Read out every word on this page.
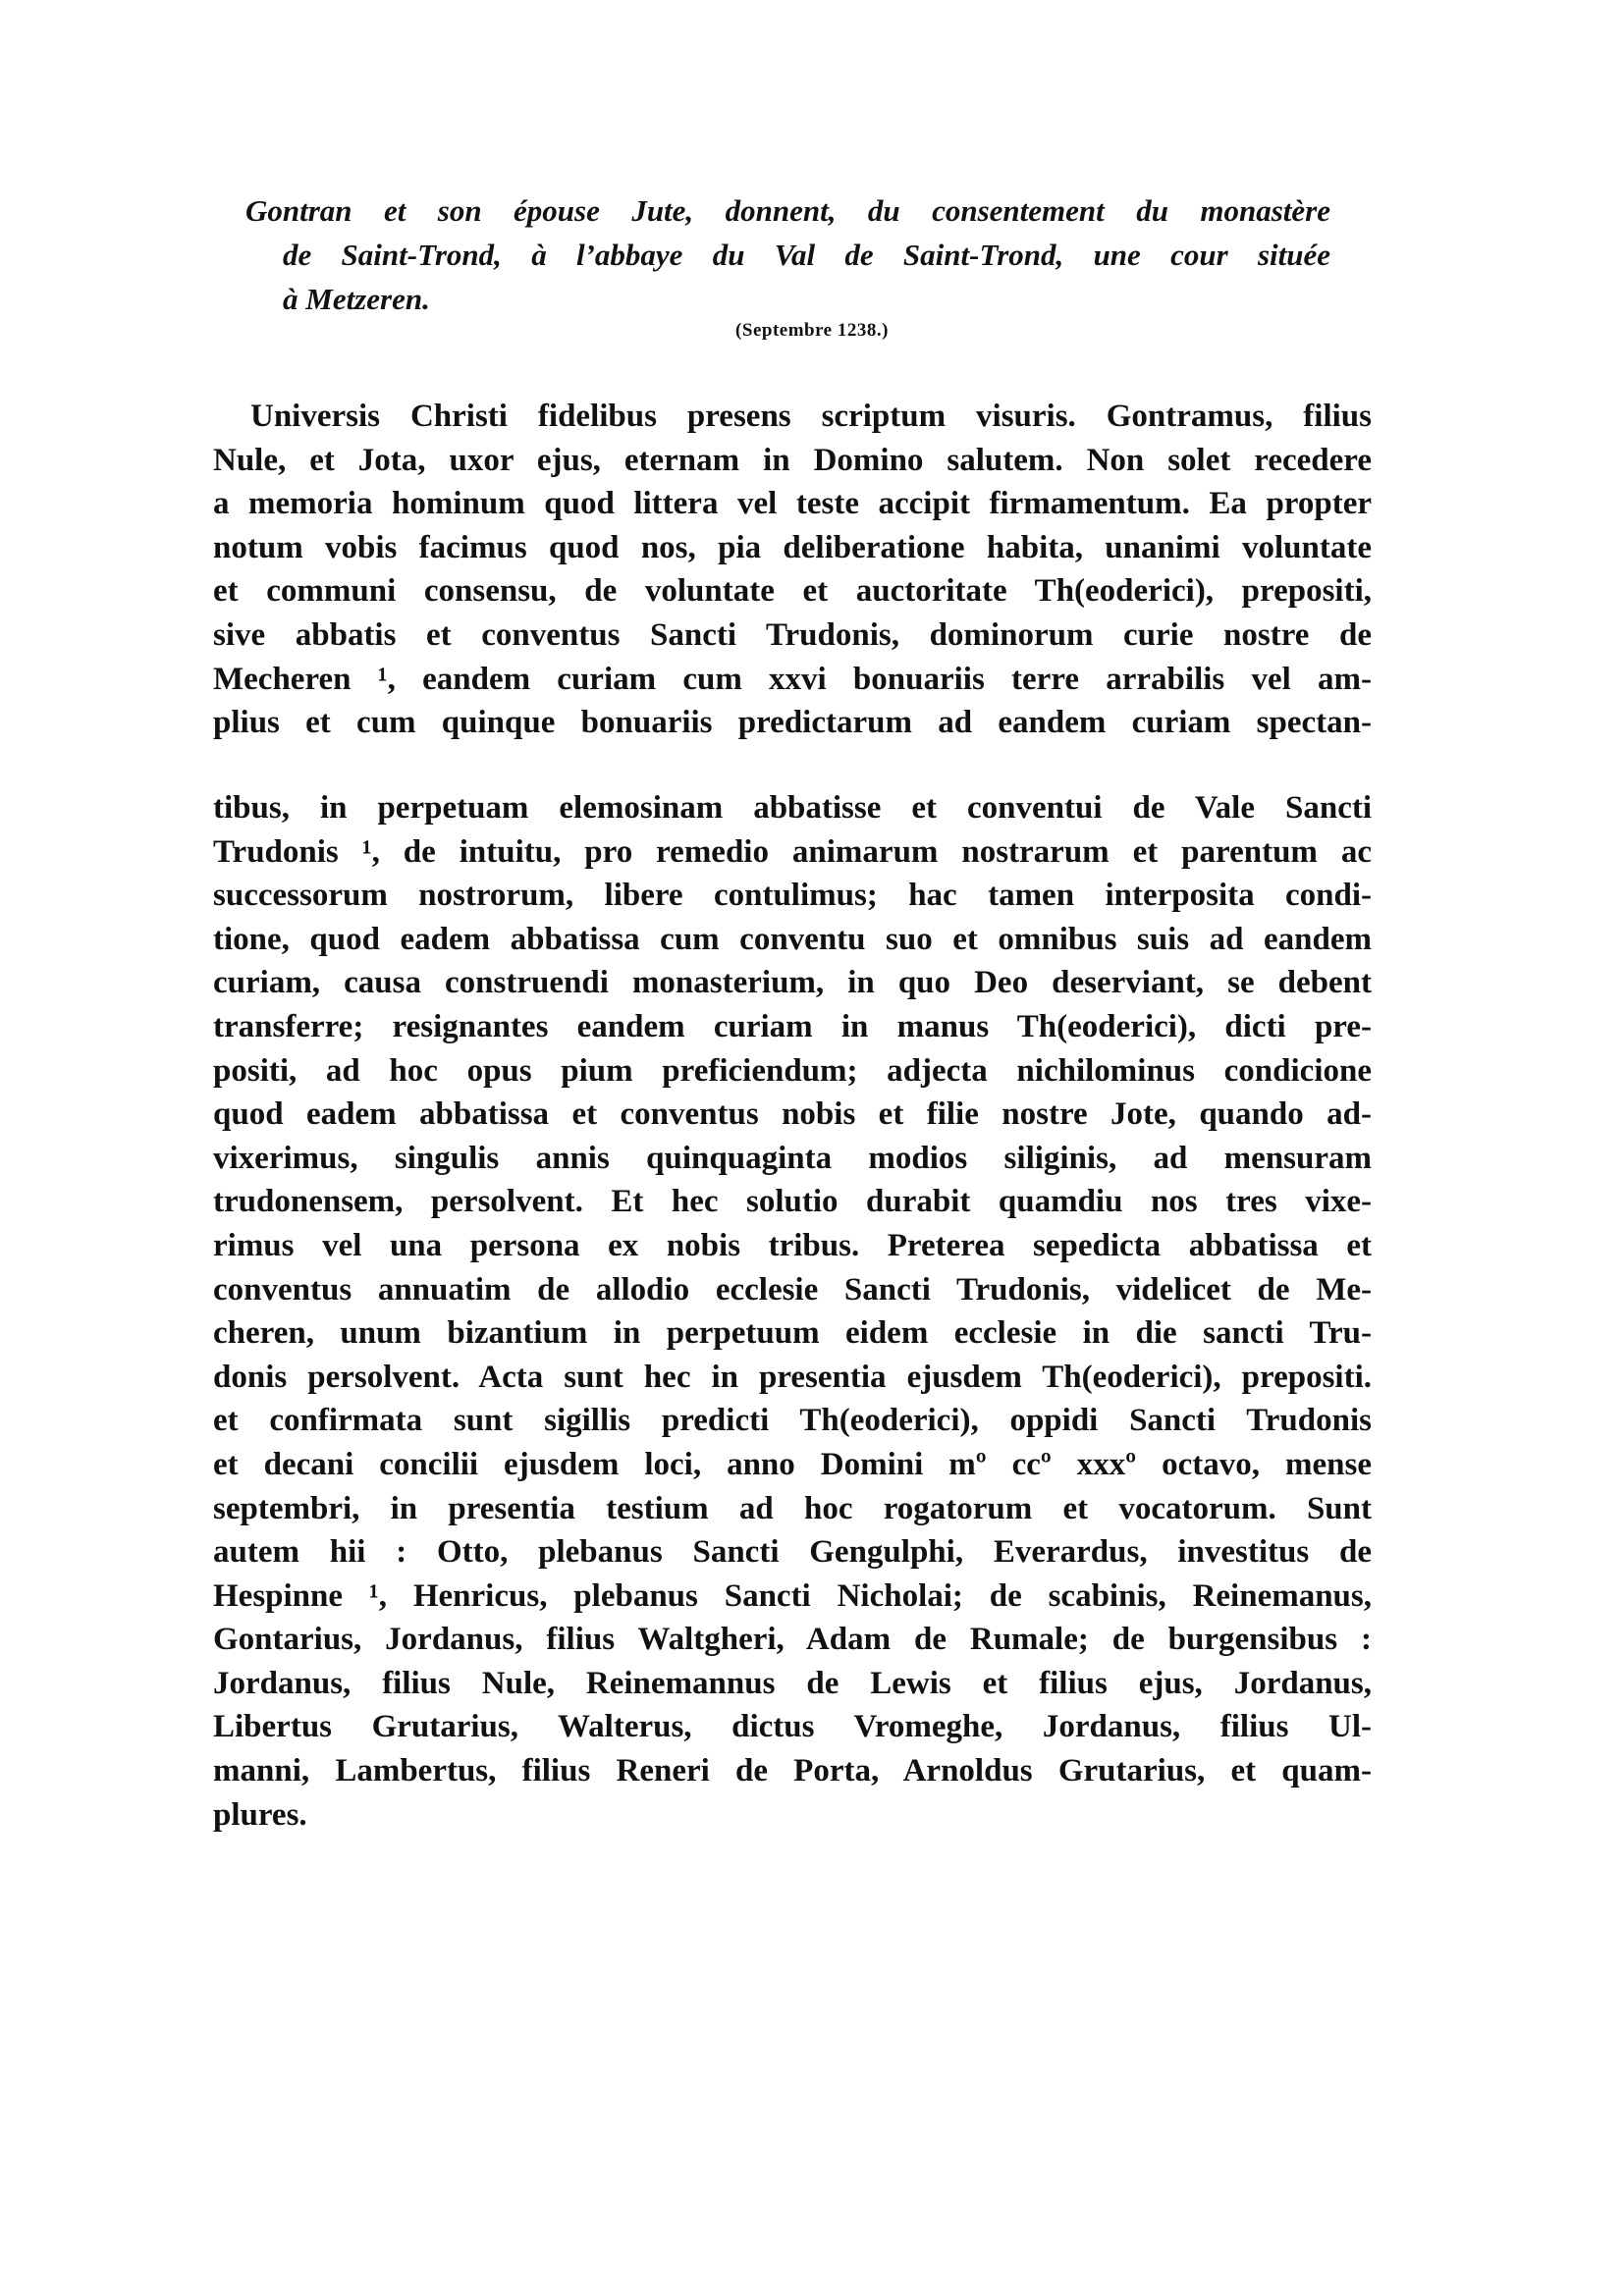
Gontran et son épouse Jute, donnent, du consentement du monastère
de Saint-Trond, à l’abbaye du Val de Saint-Trond, une cour située
à Metzeren.
(Septembre 1238.)
Universis Christi fidelibus presens scriptum visuris. Gontramus, filius
Nule, et Jota, uxor ejus, eternam in Domino salutem. Non solet recedere
a memoria hominum quod littera vel teste accipit firmamentum. Ea propter
notum vobis facimus quod nos, pia deliberatione habita, unanimi voluntate
et communi consensu, de voluntate et auctoritate Th(eoderici), prepositi,
sive abbatis et conventus Sancti Trudonis, dominorum curie nostre de
Mecheren ¹, eandem curiam cum xxvi bonuariis terre arrabilis vel am-
plius et cum quinque bonuariis predictarum ad eandem curiam spectan-
tibus, in perpetuam elemosinam abbatisse et conventui de Vale Sancti
Trudonis ¹, de intuitu, pro remedio animarum nostrarum et parentum ac
successorum nostrorum, libere contulimus; hac tamen interposita condi-
tione, quod eadem abbatissa cum conventu suo et omnibus suis ad eandem
curiam, causa construendi monasterium, in quo Deo deserviant, se debent
transferre; resignantes eandem curiam in manus Th(eoderici), dicti pre-
positi, ad hoc opus pium preficiendum; adjecta nichilominus condicione
quod eadem abbatissa et conventus nobis et filie nostre Jote, quando ad-
vixerimus, singulis annis quinquaginta modios siliginis, ad mensuram
trudonensem, persolvent. Et hec solutio durabit quamdiu nos tres vixe-
rimus vel una persona ex nobis tribus. Preterea sepedicta abbatissa et
conventus annuatim de allodio ecclesie Sancti Trudonis, videlicet de Me-
cheren, unum bizantium in perpetuum eidem ecclesie in die sancti Tru-
donis persolvent. Acta sunt hec in presentia ejusdem Th(eoderici), prepositi.
et confirmata sunt sigillis predicti Th(eoderici), oppidi Sancti Trudonis
et decani concilii ejusdem loci, anno Domini mº ccº xxxº octavo, mense
septembri, in presentia testium ad hoc rogatorum et vocatorum. Sunt
autem hii : Otto, plebanus Sancti Gengulphi, Everardus, investitus de
Hespinne ¹, Henricus, plebanus Sancti Nicholai; de scabinis, Reinemanus,
Gontarius, Jordanus, filius Waltgheri, Adam de Rumale; de burgensibus :
Jordanus, filius Nule, Reinemannus de Lewis et filius ejus, Jordanus,
Libertus Grutarius, Walterus, dictus Vromeghe, Jordanus, filius Ul-
manni, Lambertus, filius Reneri de Porta, Arnoldus Grutarius, et quam-
plures.
